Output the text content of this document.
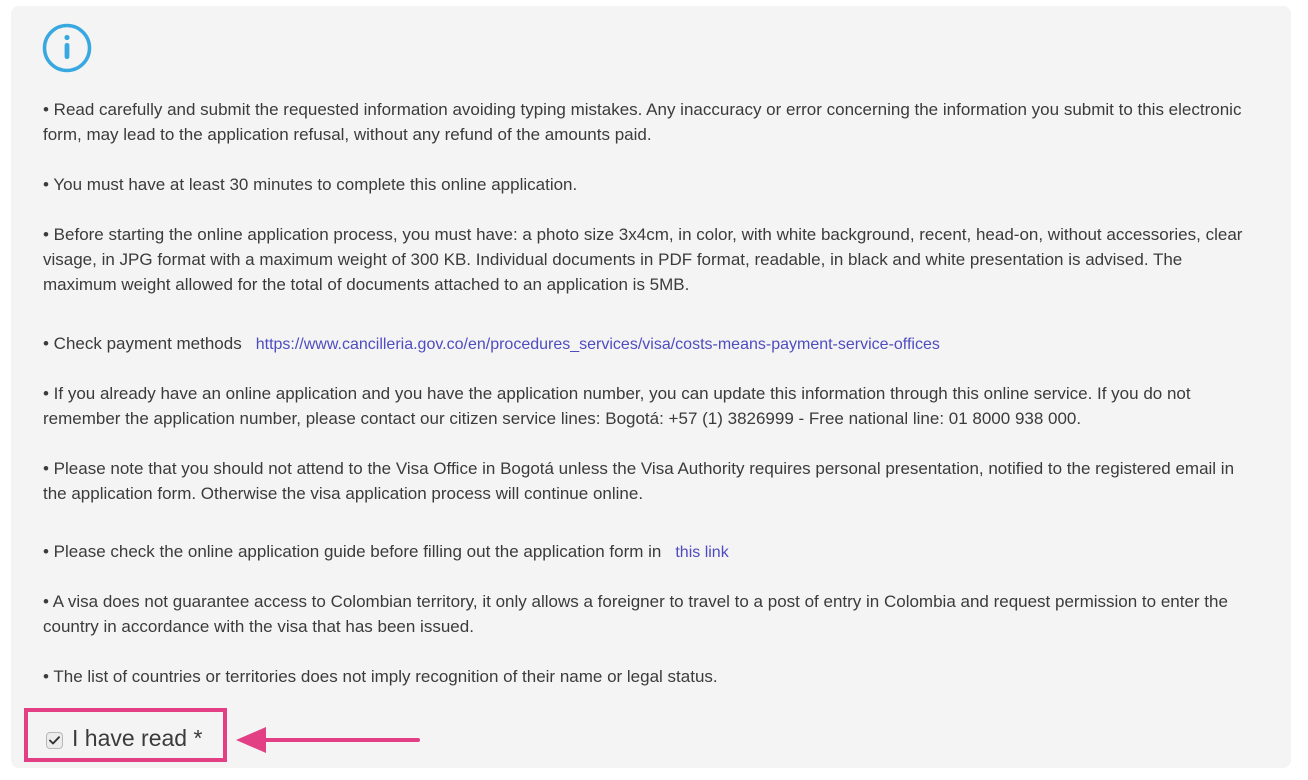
• Read carefully and submit the requested information avoiding typing mistakes. Any inaccuracy or error concerning the information you submit to this electronic form, may lead to the application refusal, without any refund of the amounts paid.

• You must have at least 30 minutes to complete this online application.

• Before starting the online application process, you must have: a photo size 3x4cm, in color, with white background, recent, head-on, without accessories, clear visage, in JPG format with a maximum weight of 300 KB. Individual documents in PDF format, readable, in black and white presentation is advised. The maximum weight allowed for the total of documents attached to an application is 5MB.

• Check payment methods https://www.cancilleria.gov.co/en/procedures_services/visa/costs-means-payment-service-offices

• If you already have an online application and you have the application number, you can update this information through this online service. If you do not remember the application number, please contact our citizen service lines: Bogotá: +57 (1) 3826999 - Free national line: 01 8000 938 000.

• Please note that you should not attend to the Visa Office in Bogotá unless the Visa Authority requires personal presentation, notified to the registered email in the application form. Otherwise the visa application process will continue online.

• Please check the online application guide before filling out the application form in this link

• A visa does not guarantee access to Colombian territory, it only allows a foreigner to travel to a post of entry in Colombia and request permission to enter the country in accordance with the visa that has been issued.

• The list of countries or territories does not imply recognition of their name or legal status.

I have read *
